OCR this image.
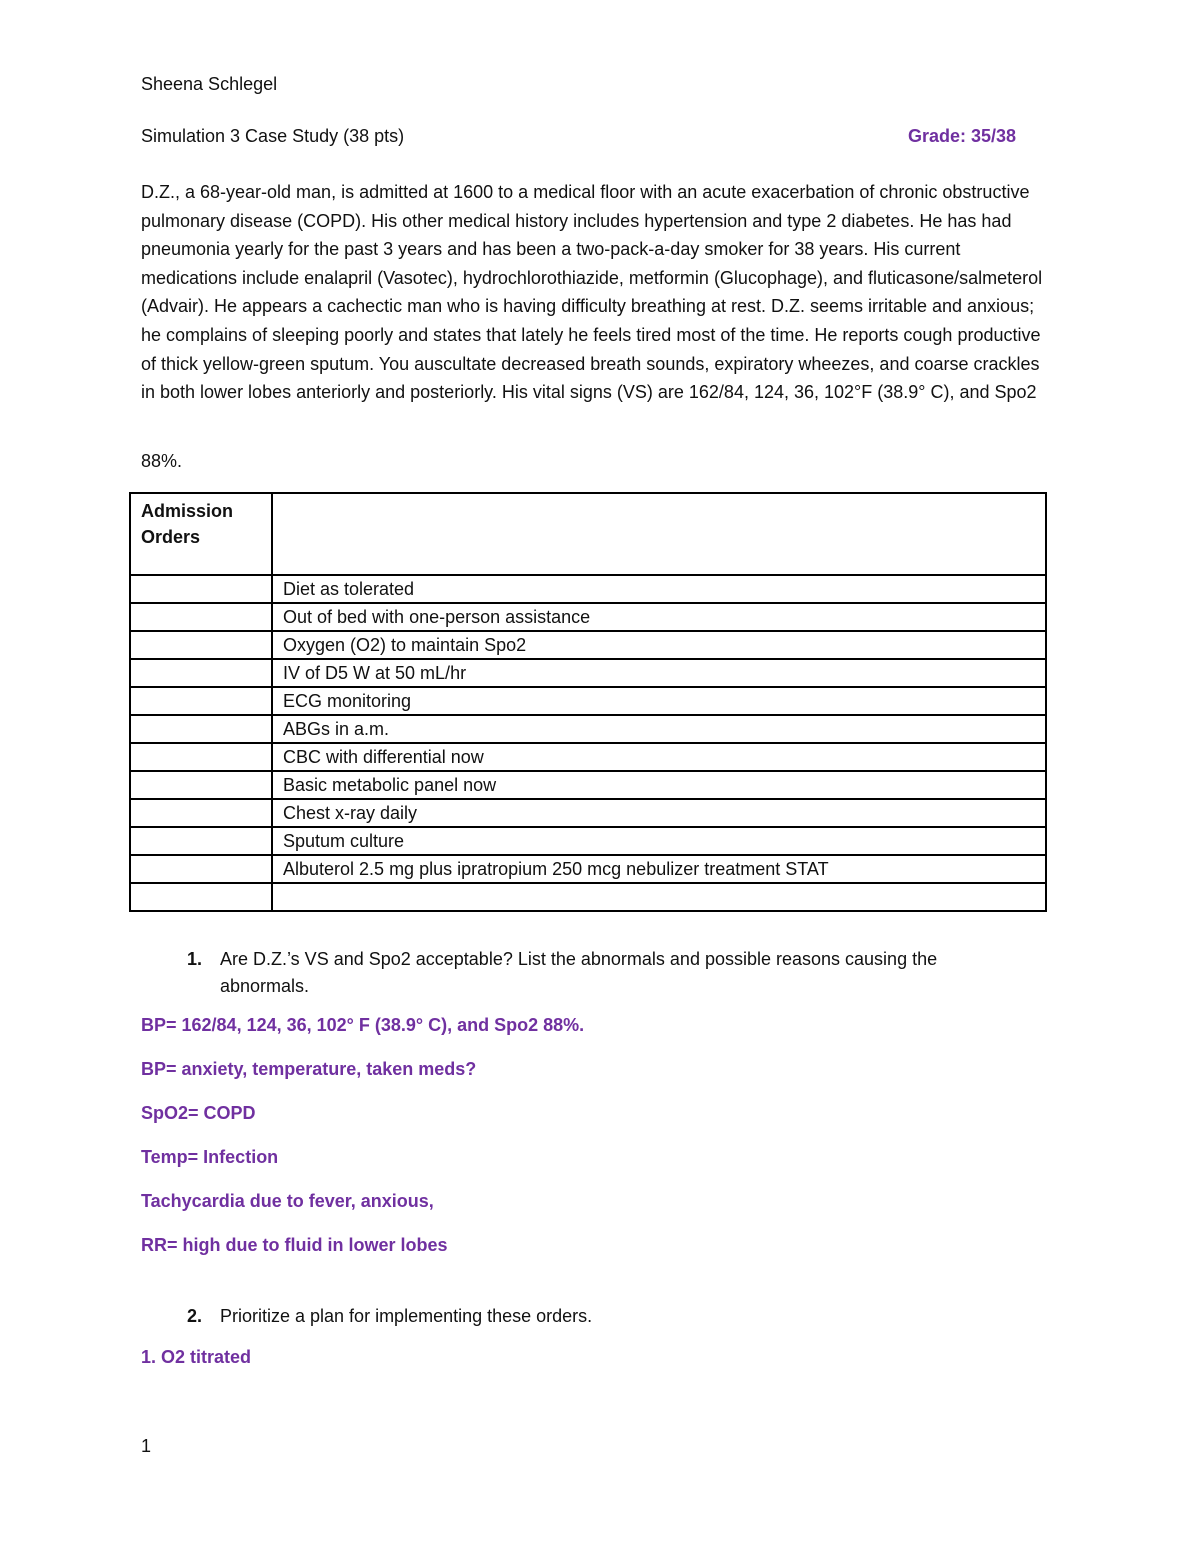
Sheena Schlegel
Simulation 3 Case Study (38 pts)	Grade: 35/38
D.Z., a 68-year-old man, is admitted at 1600 to a medical floor with an acute exacerbation of chronic obstructive pulmonary disease (COPD). His other medical history includes hypertension and type 2 diabetes. He has had pneumonia yearly for the past 3 years and has been a two-pack-a-day smoker for 38 years. His current medications include enalapril (Vasotec), hydrochlorothiazide, metformin (Glucophage), and fluticasone/salmeterol (Advair). He appears a cachectic man who is having difficulty breathing at rest. D.Z. seems irritable and anxious; he complains of sleeping poorly and states that lately he feels tired most of the time. He reports cough productive of thick yellow-green sputum. You auscultate decreased breath sounds, expiratory wheezes, and coarse crackles in both lower lobes anteriorly and posteriorly. His vital signs (VS) are 162/84, 124, 36, 102°F (38.9° C), and Spo2
88%.
Admission Orders	
	Diet as tolerated
	Out of bed with one-person assistance
	Oxygen (O2) to maintain Spo2
	IV of D5 W at 50 mL/hr
	ECG monitoring
	ABGs in a.m.
	CBC with differential now
	Basic metabolic panel now
	Chest x-ray daily
	Sputum culture
	Albuterol 2.5 mg plus ipratropium 250 mcg nebulizer treatment STAT

1. Are D.Z.’s VS and Spo2 acceptable? List the abnormals and possible reasons causing the abnormals.
BP= 162/84, 124, 36, 102° F (38.9° C), and Spo2 88%.
BP= anxiety, temperature, taken meds?
SpO2= COPD
Temp= Infection
Tachycardia due to fever, anxious,
RR= high due to fluid in lower lobes
2. Prioritize a plan for implementing these orders.
1. O2 titrated
1
